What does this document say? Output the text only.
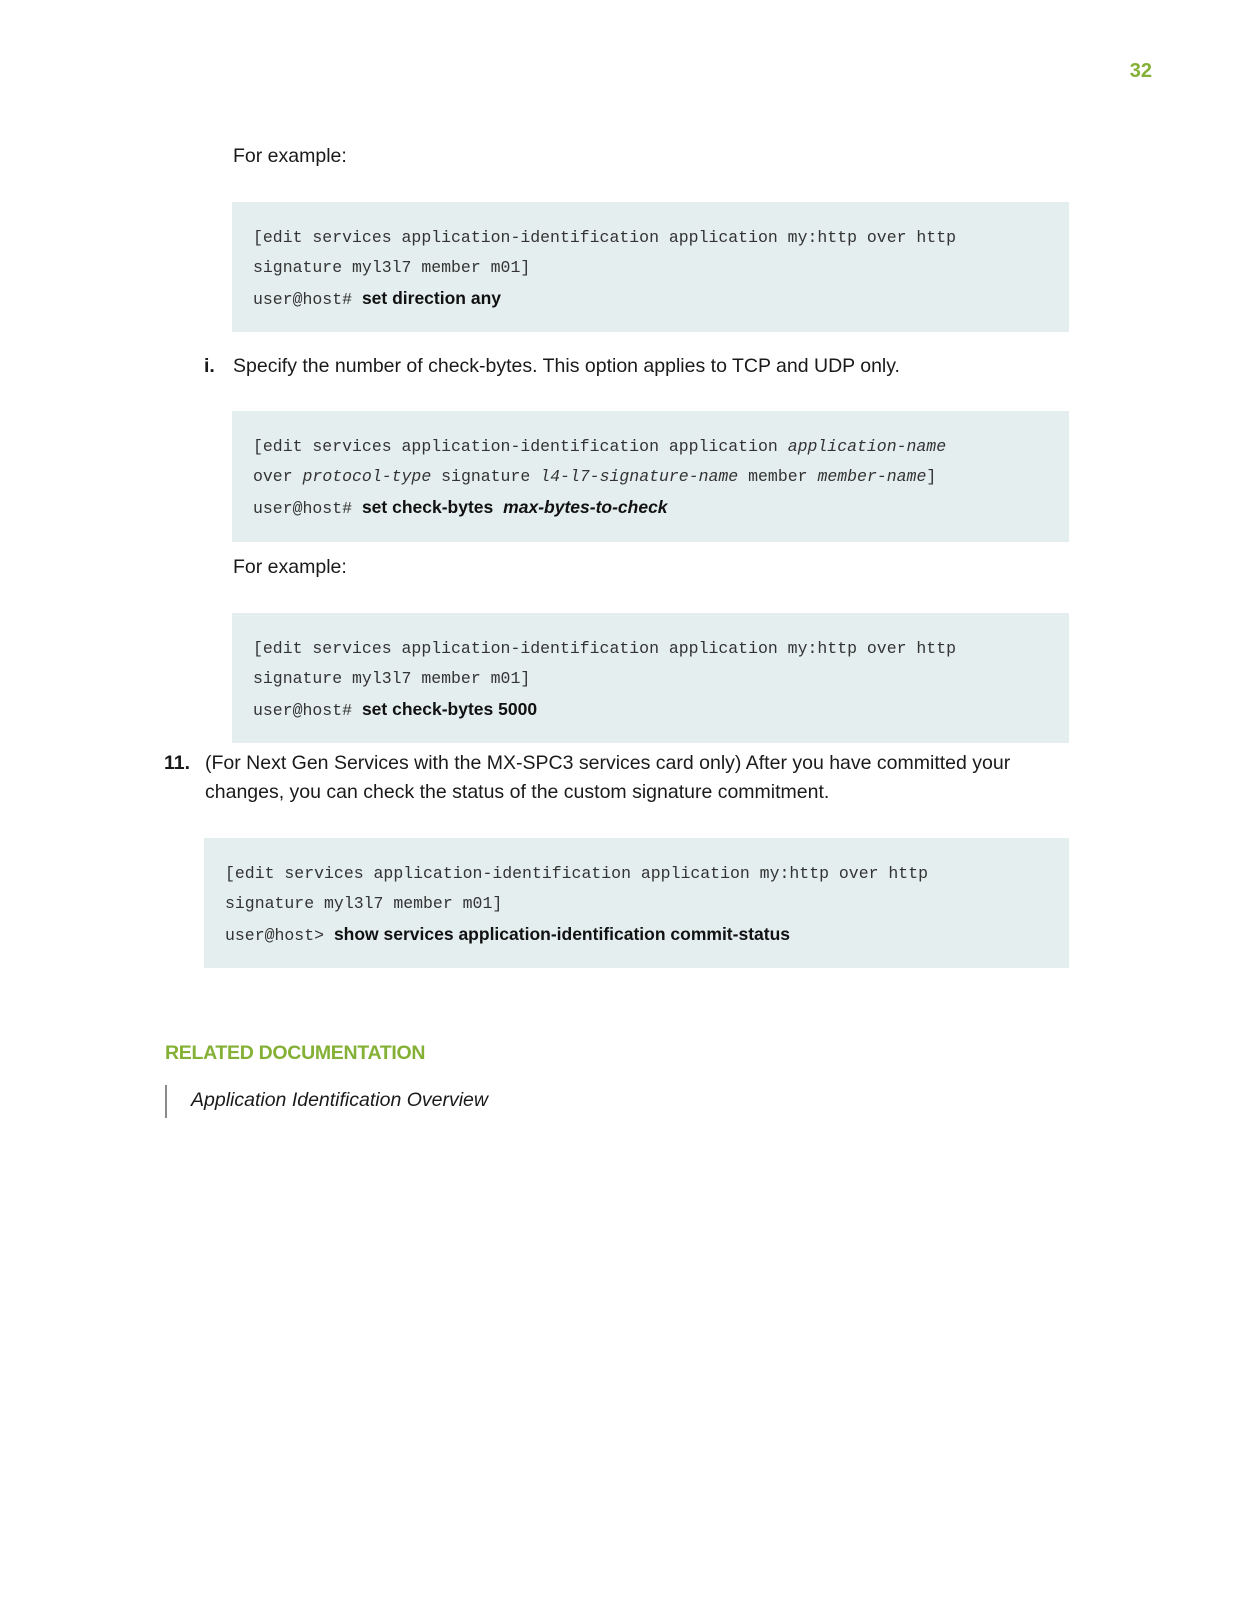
32
For example:
[edit services application-identification application my:http over http
signature myl3l7 member m01]
user@host# set direction any
i. Specify the number of check-bytes. This option applies to TCP and UDP only.
[edit services application-identification application application-name
over protocol-type signature l4-l7-signature-name member member-name]
user@host# set check-bytes max-bytes-to-check
For example:
[edit services application-identification application my:http over http
signature myl3l7 member m01]
user@host# set check-bytes 5000
11. (For Next Gen Services with the MX-SPC3 services card only) After you have committed your
changes, you can check the status of the custom signature commitment.
[edit services application-identification application my:http over http
signature myl3l7 member m01]
user@host> show services application-identification commit-status
RELATED DOCUMENTATION
Application Identification Overview
